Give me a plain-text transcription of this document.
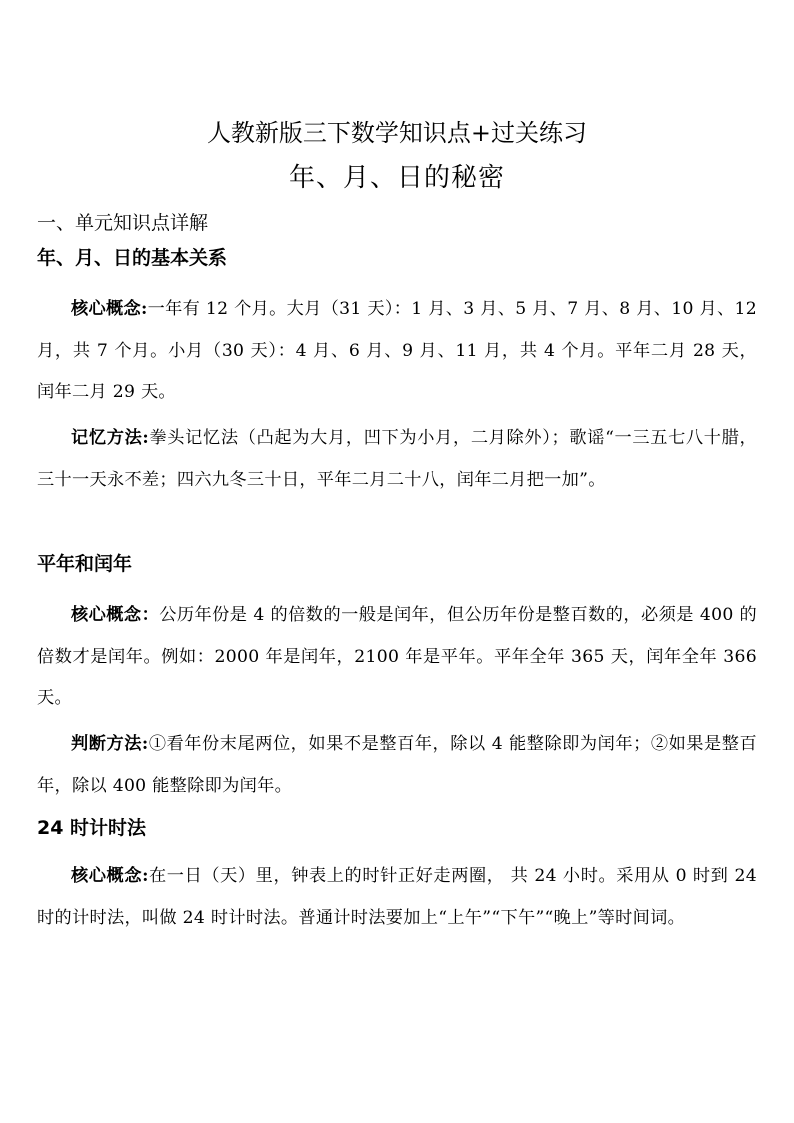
人教新版三下数学知识点+过关练习
年、月、日的秘密
一、单元知识点详解
年、月、日的基本关系
核心概念:一年有 12 个月。大月（31 天）：1 月、3 月、5 月、7 月、8 月、10 月、12 月，共 7 个月。小月（30 天）：4 月、6 月、9 月、11 月，共 4 个月。平年二月 28 天，闰年二月 29 天。
记忆方法:拳头记忆法（凸起为大月，凹下为小月，二月除外）；歌谣“一三五七八十腊，三十一天永不差；四六九冬三十日，平年二月二十八，闰年二月把一加”。
平年和闰年
核心概念：公历年份是 4 的倍数的一般是闰年，但公历年份是整百数的，必须是 400 的倍数才是闰年。例如：2000 年是闰年，2100 年是平年。平年全年 365 天，闰年全年 366 天。
判断方法:①看年份末尾两位，如果不是整百年，除以 4 能整除即为闰年；②如果是整百年，除以 400 能整除即为闰年。
24 时计时法
核心概念:在一日（天）里，钟表上的时针正好走两圈， 共 24 小时。采用从 0 时到 24 时的计时法，叫做 24 时计时法。普通计时法要加上“上午”“下午”“晚上”等时间词。
